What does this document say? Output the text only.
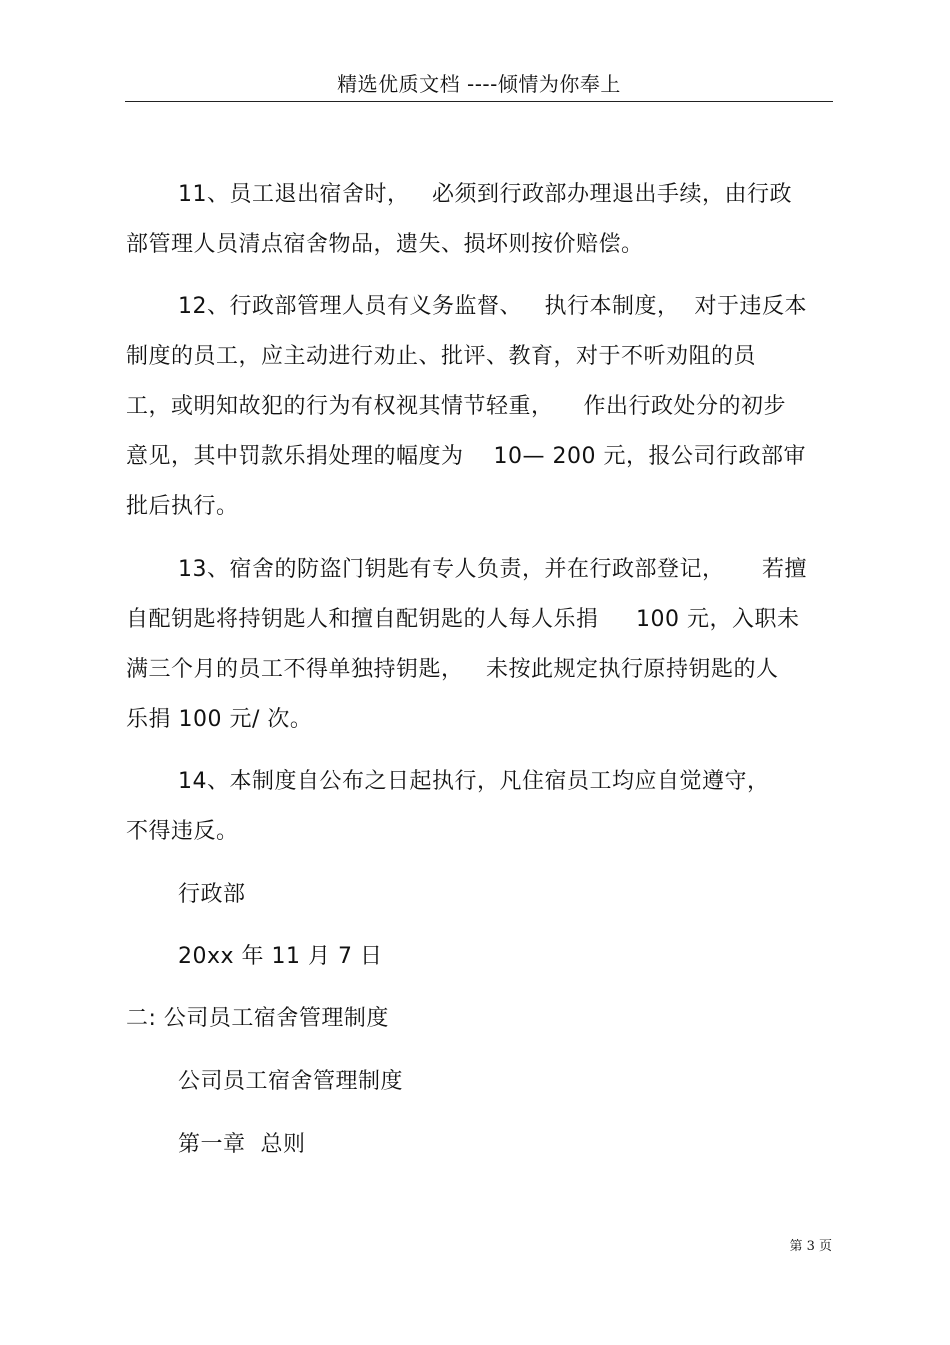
精选优质文档 ----倾情为你奉上
11、员工退出宿舍时，   必须到行政部办理退出手续，由行政
部管理人员清点宿舍物品，遗失、损坏则按价赔偿。
12、行政部管理人员有义务监督、   执行本制度，  对于违反本
制度的员工，应主动进行劝止、批评、教育，对于不听劝阻的员
工，或明知故犯的行为有权视其情节轻重，    作出行政处分的初步
意见，其中罚款乐捐处理的幅度为    10— 200 元，报公司行政部审
批后执行。
13、宿舍的防盗门钥匙有专人负责，并在行政部登记，     若擅
自配钥匙将持钥匙人和擅自配钥匙的人每人乐捐     100 元，入职未
满三个月的员工不得单独持钥匙，   未按此规定执行原持钥匙的人
乐捐 100 元/ 次。
14、本制度自公布之日起执行，凡住宿员工均应自觉遵守，
不得违反。
行政部
20xx 年 11 月 7 日
二: 公司员工宿舍管理制度
公司员工宿舍管理制度
第一章  总则
第 3 页
